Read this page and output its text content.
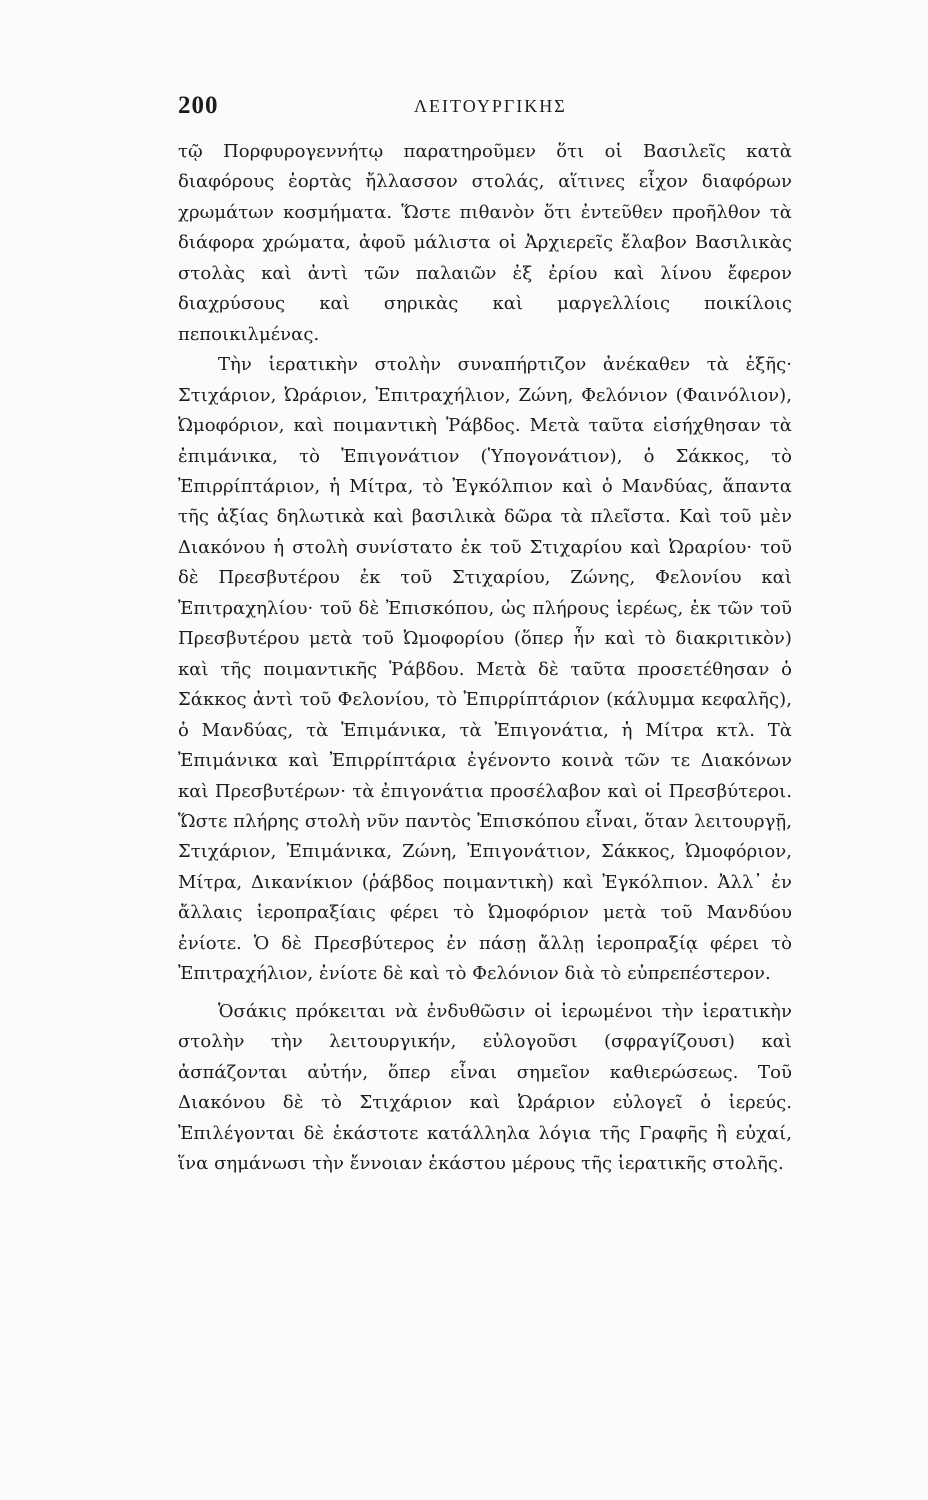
200	ΛΕΙΤΟΥΡΓΙΚΗΣ

τῷ Πορφυρογεννήτῳ παρατηροῦμεν ὅτι οἱ Βασιλεῖς κατὰ διαφόρους ἑορτὰς ἤλλασσον στολάς, αἵτινες εἶχον διαφόρων χρωμάτων κοσμήματα. Ὥστε πιθανὸν ὅτι ἐντεῦθεν προῆλθον τὰ διάφορα χρώματα, ἀφοῦ μάλιστα οἱ Ἀρχιερεῖς ἔλαβον Βασιλικὰς στολὰς καὶ ἀντὶ τῶν παλαιῶν ἐξ ἐρίου καὶ λίνου ἔφερον διαχρύσους καὶ σηρικὰς καὶ μαργελλίοις ποικίλοις πεποικιλμένας.

Τὴν ἱερατικὴν στολὴν συναπήρτιζον ἀνέκαθεν τὰ ἑξῆς· Στιχάριον, Ὠράριον, Ἐπιτραχήλιον, Ζώνη, Φελόνιον (Φαινόλιον), Ὠμοφόριον, καὶ ποιμαντικὴ Ῥάβδος. Μετὰ ταῦτα εἰσήχθησαν τὰ ἐπιμάνικα, τὸ Ἐπιγονάτιον (Ὑπογονάτιον), ὁ Σάκκος, τὸ Ἐπιρρίπτάριον, ἡ Μίτρα, τὸ Ἐγκόλπιον καὶ ὁ Μανδύας, ἅπαντα τῆς ἀξίας δηλωτικὰ καὶ βασιλικὰ δῶρα τὰ πλεῖστα. Καὶ τοῦ μὲν Διακόνου ἡ στολὴ συνίστατο ἐκ τοῦ Στιχαρίου καὶ Ὠραρίου· τοῦ δὲ Πρεσβυτέρου ἐκ τοῦ Στιχαρίου, Ζώνης, Φελονίου καὶ Ἐπιτραχηλίου· τοῦ δὲ Ἐπισκόπου, ὡς πλήρους ἱερέως, ἐκ τῶν τοῦ Πρεσβυτέρου μετὰ τοῦ Ὠμοφορίου (ὅπερ ἦν καὶ τὸ διακριτικὸν) καὶ τῆς ποιμαντικῆς Ῥάβδου. Μετὰ δὲ ταῦτα προσετέθησαν ὁ Σάκκος ἀντὶ τοῦ Φελονίου, τὸ Ἐπιρρίπτάριον (κάλυμμα κεφαλῆς), ὁ Μανδύας, τὰ Ἐπιμάνικα, τὰ Ἐπιγονάτια, ἡ Μίτρα κτλ. Τὰ Ἐπιμάνικα καὶ Ἐπιρρίπτάρια ἐγένοντο κοινὰ τῶν τε Διακόνων καὶ Πρεσβυτέρων· τὰ ἐπιγονάτια προσέλαβον καὶ οἱ Πρεσβύτεροι. Ὥστε πλήρης στολὴ νῦν παντὸς Ἐπισκόπου εἶναι, ὅταν λειτουργῇ, Στιχάριον, Ἐπιμάνικα, Ζώνη, Ἐπιγονάτιον, Σάκκος, Ὠμοφόριον, Μίτρα, Δικανίκιον (ῥάβδος ποιμαντικὴ) καὶ Ἐγκόλπιον. Ἀλλ᾽ ἐν ἄλλαις ἱεροπραξίαις φέρει τὸ Ὠμοφόριον μετὰ τοῦ Μανδύου ἐνίοτε. Ὁ δὲ Πρεσβύτερος ἐν πάσῃ ἄλλῃ ἱεροπραξίᾳ φέρει τὸ Ἐπιτραχήλιον, ἐνίοτε δὲ καὶ τὸ Φελόνιον διὰ τὸ εὐπρεπέστερον.

Ὁσάκις πρόκειται νὰ ἐνδυθῶσιν οἱ ἱερωμένοι τὴν ἱερατικὴν στολὴν τὴν λειτουργικήν, εὐλογοῦσι (σφραγίζουσι) καὶ ἀσπάζονται αὐτήν, ὅπερ εἶναι σημεῖον καθιερώσεως. Τοῦ Διακόνου δὲ τὸ Στιχάριον καὶ Ὠράριον εὐλογεῖ ὁ ἱερεύς. Ἐπιλέγονται δὲ ἑκάστοτε κατάλληλα λόγια τῆς Γραφῆς ἢ εὐχαί, ἵνα σημάνωσι τὴν ἔννοιαν ἑκάστου μέρους τῆς ἱερατικῆς στολῆς.
